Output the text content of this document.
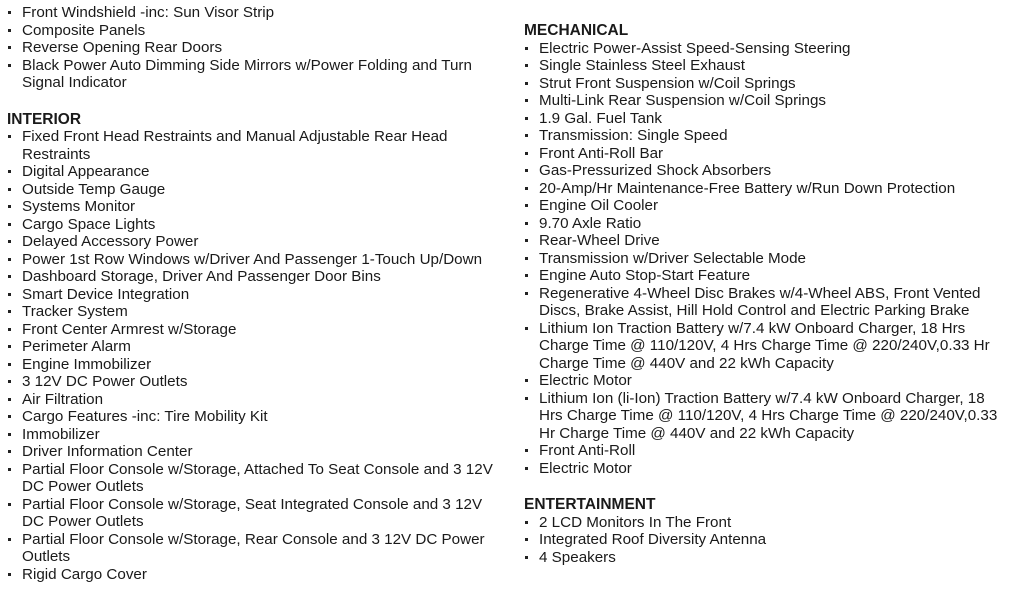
Front Windshield -inc: Sun Visor Strip
Composite Panels
Reverse Opening Rear Doors
Black Power Auto Dimming Side Mirrors w/Power Folding and Turn
Signal Indicator
INTERIOR
Fixed Front Head Restraints and Manual Adjustable Rear Head
Restraints
Digital Appearance
Outside Temp Gauge
Systems Monitor
Cargo Space Lights
Delayed Accessory Power
Power 1st Row Windows w/Driver And Passenger 1-Touch Up/Down
Dashboard Storage, Driver And Passenger Door Bins
Smart Device Integration
Tracker System
Front Center Armrest w/Storage
Perimeter Alarm
Engine Immobilizer
3 12V DC Power Outlets
Air Filtration
Cargo Features -inc: Tire Mobility Kit
Immobilizer
Driver Information Center
Partial Floor Console w/Storage, Attached To Seat Console and 3 12V
DC Power Outlets
Partial Floor Console w/Storage, Seat Integrated Console and 3 12V
DC Power Outlets
Partial Floor Console w/Storage, Rear Console and 3 12V DC Power
Outlets
Rigid Cargo Cover
MECHANICAL
Electric Power-Assist Speed-Sensing Steering
Single Stainless Steel Exhaust
Strut Front Suspension w/Coil Springs
Multi-Link Rear Suspension w/Coil Springs
1.9 Gal. Fuel Tank
Transmission: Single Speed
Front Anti-Roll Bar
Gas-Pressurized Shock Absorbers
20-Amp/Hr Maintenance-Free Battery w/Run Down Protection
Engine Oil Cooler
9.70 Axle Ratio
Rear-Wheel Drive
Transmission w/Driver Selectable Mode
Engine Auto Stop-Start Feature
Regenerative 4-Wheel Disc Brakes w/4-Wheel ABS, Front Vented
Discs, Brake Assist, Hill Hold Control and Electric Parking Brake
Lithium Ion Traction Battery w/7.4 kW Onboard Charger, 18 Hrs
Charge Time @ 110/120V, 4 Hrs Charge Time @ 220/240V,0.33 Hr
Charge Time @ 440V and 22 kWh Capacity
Electric Motor
Lithium Ion (li-Ion) Traction Battery w/7.4 kW Onboard Charger, 18
Hrs Charge Time @ 110/120V, 4 Hrs Charge Time @ 220/240V,0.33
Hr Charge Time @ 440V and 22 kWh Capacity
Front Anti-Roll
Electric Motor
ENTERTAINMENT
2 LCD Monitors In The Front
Integrated Roof Diversity Antenna
4 Speakers
